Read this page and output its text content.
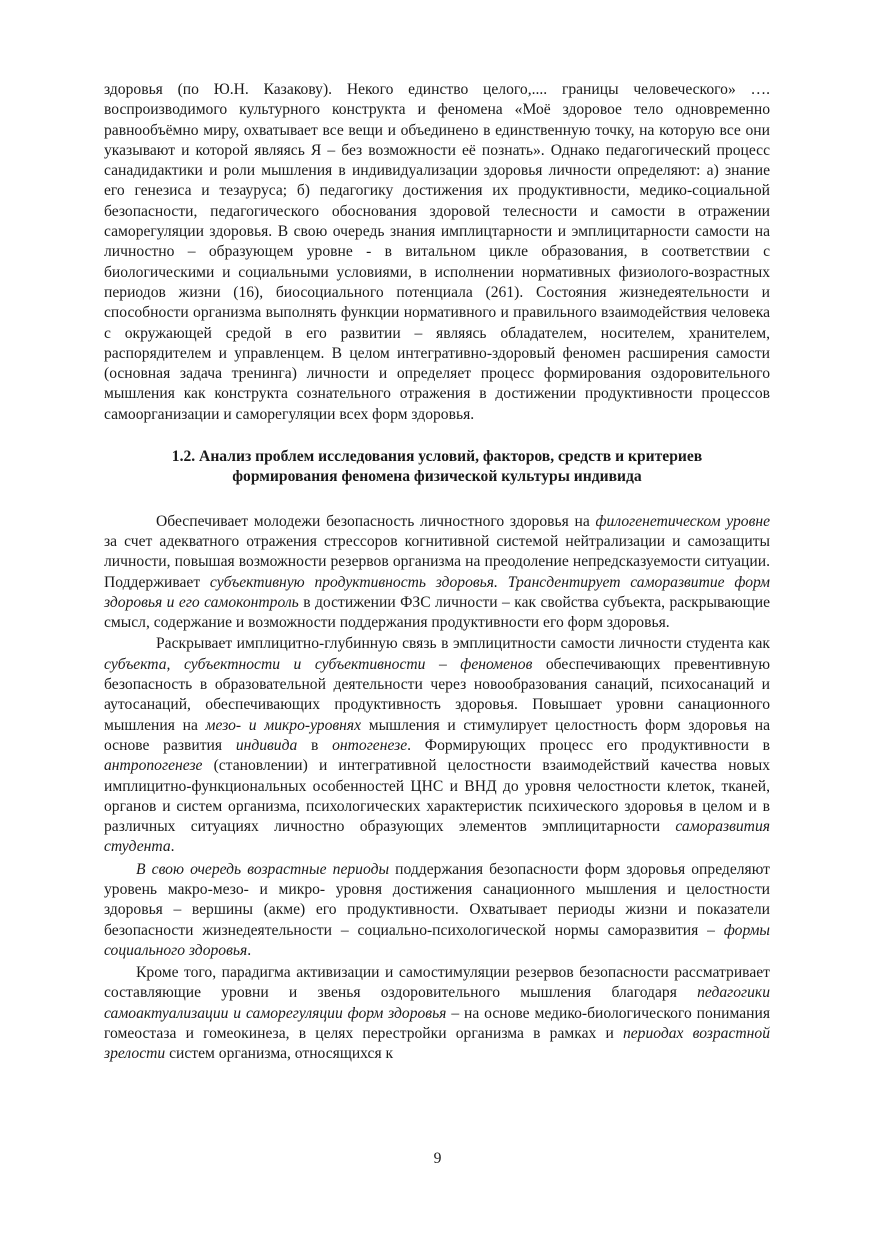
здоровья (по Ю.Н. Казакову). Некого единство целого,.... границы человеческого» …. воспроизводимого культурного конструкта и феномена «Моё здоровое тело одновременно равнообъёмно миру, охватывает все вещи и объединено в единственную точку, на которую все они указывают и которой являясь Я – без возможности её познать». Однако педагогический процесс санадидактики и роли мышления в индивидуализации здоровья личности определяют: а) знание его генезиса и тезауруса; б) педагогику достижения их продуктивности, медико-социальной безопасности, педагогического обоснования здоровой телесности и самости в отражении саморегуляции здоровья. В свою очередь знания имплицтарности и эмплицитарности самости на личностно – образующем уровне - в витальном цикле образования, в соответствии с биологическими и социальными условиями, в исполнении нормативных физиолого-возрастных периодов жизни (16), биосоциального потенциала (261). Состояния жизнедеятельности и способности организма выполнять функции нормативного и правильного взаимодействия человека с окружающей средой в его развитии – являясь обладателем, носителем, хранителем, распорядителем и управленцем. В целом интегративно-здоровый феномен расширения самости (основная задача тренинга) личности и определяет процесс формирования оздоровительного мышления как конструкта сознательного отражения в достижении продуктивности процессов самоорганизации и саморегуляции всех форм здоровья.

1.2. Анализ проблем исследования условий, факторов, средств и критериев
формирования феномена физической культуры индивида

Обеспечивает молодежи безопасность личностного здоровья на филогенетическом уровне за счет адекватного отражения стрессоров когнитивной системой нейтрализации и самозащиты личности, повышая возможности резервов организма на преодоление непредсказуемости ситуации. Поддерживает субъективную продуктивность здоровья. Трансдентирует саморазвитие форм здоровья и его самоконтроль в достижении ФЗС личности – как свойства субъекта, раскрывающие смысл, содержание и возможности поддержания продуктивности его форм здоровья.

Раскрывает имплицитно-глубинную связь в эмплицитности самости личности студента как субъекта, субъектности и субъективности – феноменов обеспечивающих превентивную безопасность в образовательной деятельности через новообразования санаций, психосанаций и аутосанаций, обеспечивающих продуктивность здоровья. Повышает уровни санационного мышления на мезо- и микро-уровнях мышления и стимулирует целостность форм здоровья на основе развития индивида в онтогенезе. Формирующих процесс его продуктивности в антропогенезе (становлении) и интегративной целостности взаимодействий качества новых имплицитно-функциональных особенностей ЦНС и ВНД до уровня челостности клеток, тканей, органов и систем организма, психологических характеристик психического здоровья в целом и в различных ситуациях личностно образующих элементов эмплицитарности саморазвития студента.

В свою очередь возрастные периоды поддержания безопасности форм здоровья определяют уровень макро-мезо- и микро- уровня достижения санационного мышления и целостности здоровья – вершины (акме) его продуктивности. Охватывает периоды жизни и показатели безопасности жизнедеятельности – социально-психологической нормы саморазвития – формы социального здоровья.

Кроме того, парадигма активизации и самостимуляции резервов безопасности рассматривает составляющие уровни и звенья оздоровительного мышления благодаря педагогики самоактуализации и саморегуляции форм здоровья – на основе медико-биологического понимания гомеостаза и гомеокинеза, в целях перестройки организма в рамках и периодах возрастной зрелости систем организма, относящихся к

9
